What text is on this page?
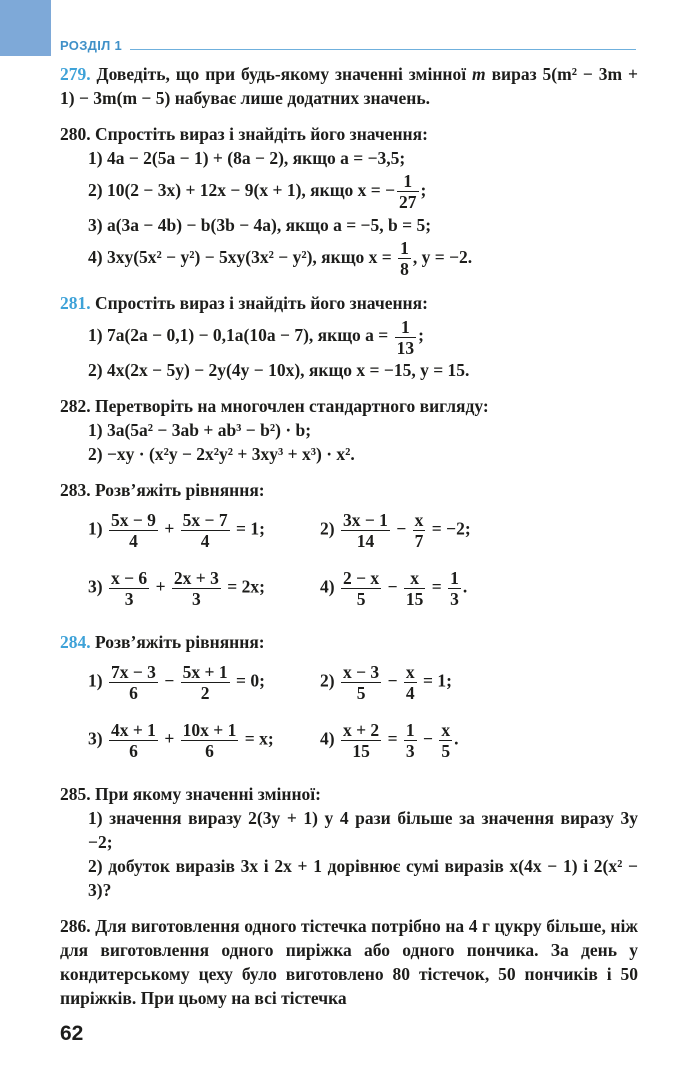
РОЗДІЛ 1
279. Доведіть, що при будь-якому значенні змінної m вираз 5(m² − 3m + 1) − 3m(m − 5) набуває лише додатних значень.
280. Спростіть вираз і знайдіть його значення:
1) 4a − 2(5a − 1) + (8a − 2), якщо a = −3,5;
2) 10(2 − 3x) + 12x − 9(x + 1), якщо x = − $\frac{1}{27}$ ;
3) a(3a − 4b) − b(3b − 4a), якщо a = −5, b = 5;
4) 3xy(5x² − y²) − 5xy(3x² − y²), якщо $x = \frac{1}{8}$ , y = −2.
281. Спростіть вираз і знайдіть його значення:
1) 7a(2a − 0,1) − 0,1a(10a − 7), якщо $a = \frac{1}{13}$ ;
2) 4x(2x − 5y) − 2y(4y − 10x), якщо x = −15, y = 15.
282. Перетворіть на многочлен стандартного вигляду:
1) 3a(5a² − 3ab + ab³ − b²) · b;
2) −xy · (x²y − 2x²y² + 3xy³ + x³) · x².
283. Розв’яжіть рівняння:
$1) \frac{5x - 9}{4} + \frac{5x - 7}{4} = 1$;	$2) \frac{3x - 1}{14} - \frac{x}{7} = -2$;
$3) \frac{x - 6}{3} + \frac{2x + 3}{3} = 2x$;	$4) \frac{2 - x}{5} - \frac{x}{15} = \frac{1}{3}$ .
284. Розв’яжіть рівняння:
$1) \frac{7x - 3}{6} - \frac{5x + 1}{2} = 0$;	$2) \frac{x - 3}{5} - \frac{x}{4} = 1$;
$3) \frac{4x + 1}{6} + \frac{10x + 1}{6} = x$;	$4) \frac{x + 2}{15} = \frac{1}{3} - \frac{x}{5}$ .
285. При якому значенні змінної:
1) значення виразу 2(3y + 1) у 4 рази більше за значення виразу 3y −2;
2) добуток виразів 3x і 2x + 1 дорівнює сумі виразів x(4x − 1) і 2(x² − 3)?
286. Для виготовлення одного тістечка потрібно на 4 г цукру більше, ніж для виготовлення одного пиріжка або одного пончика. За день у кондитерському цеху було виготовлено 80 тістечок, 50 пончиків і 50 пиріжків. При цьому на всі тістечка
62
